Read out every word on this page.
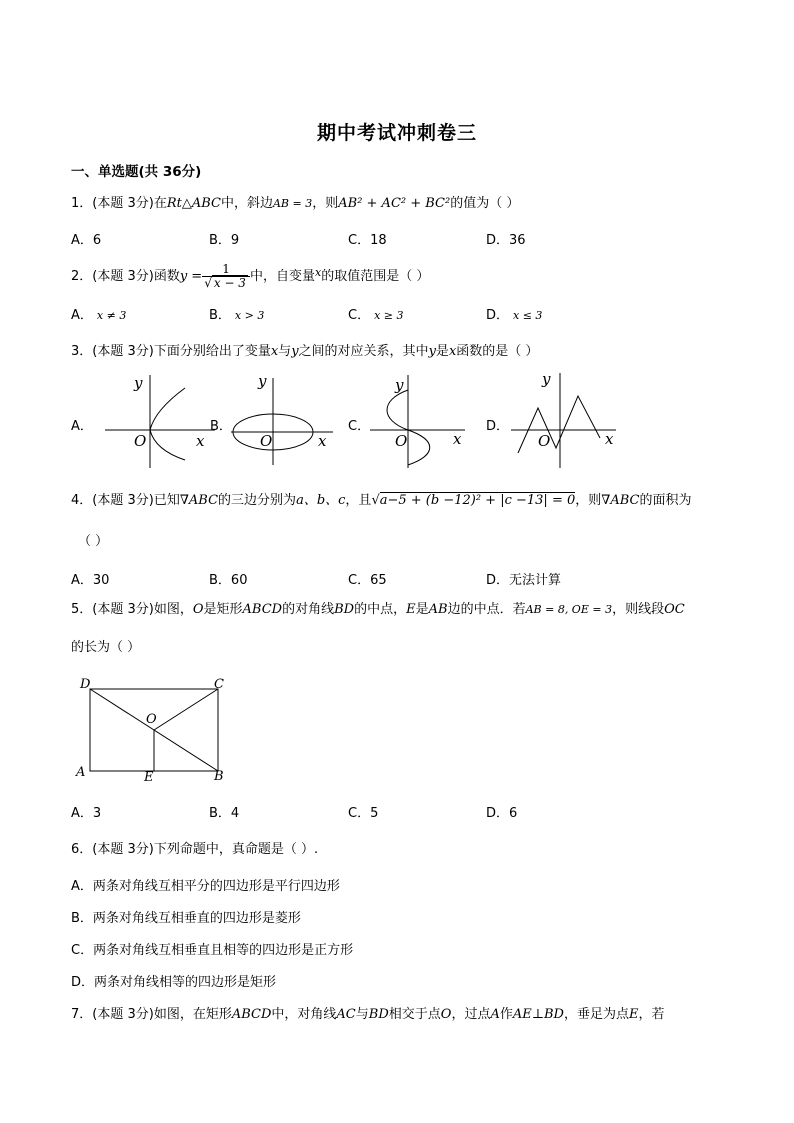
期中考试冲刺卷三
一、单选题(共 36分)
1．(本题 3分)在Rt△ABC中，斜边AB = 3，则AB² + AC² + BC²的值为（ ）
A．6	B．9	C．18	D．36
2．(本题 3分)函数$y = \frac{1}{√ x - 3}$ 中，自变量$^x$的取值范围是（ ）
A． x ≠ 3	B． x > 3	C． x ≥ 3	D． x ≤ 3
3．(本题 3分)下面分别给出了变量x与y之间的对应关系，其中y是x函数的是（ ）
A．	B．	C．	D．
y
x
O
y
x
O
y
x
O
y
x
O
4．(本题 3分)已知∇ABC的三边分别为a、b、c，且√a−5 + (b −12)² + |c −13| = 0，则∇ABC的面积为
（ ）
A．30	B．60	C．65	D．无法计算
5．(本题 3分)如图，O是矩形ABCD的对角线BD的中点，E是AB边的中点．若AB = 8, OE = 3，则线段OC
的长为（ ）
D	C
A	B
E
O
A．3	B．4	C．5	D．6
6．(本题 3分)下列命题中，真命题是（ ）.
A．两条对角线互相平分的四边形是平行四边形
B．两条对角线互相垂直的四边形是菱形
C．两条对角线互相垂直且相等的四边形是正方形
D．两条对角线相等的四边形是矩形
7．(本题 3分)如图，在矩形ABCD中，对角线AC与BD相交于点O，过点A作AE⊥BD，垂足为点E，若
